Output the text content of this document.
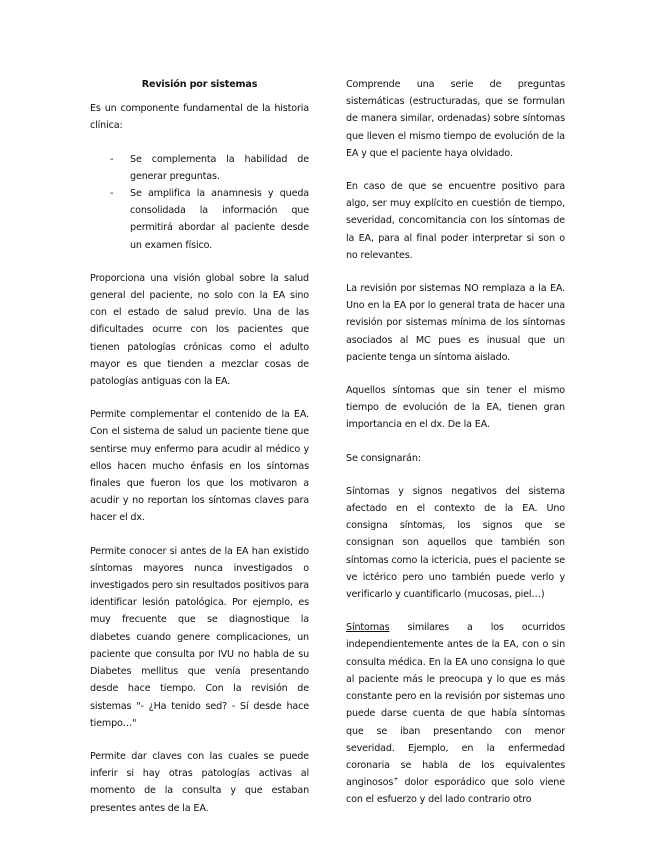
Revisión por sistemas

Es un componente fundamental de la historia clínica:

- Se complementa la habilidad de generar preguntas.
- Se amplifica la anamnesis y queda consolidada la información que permitirá abordar al paciente desde un examen físico.

Proporciona una visión global sobre la salud general del paciente, no solo con la EA sino con el estado de salud previo. Una de las dificultades ocurre con los pacientes que tienen patologías crónicas como el adulto mayor es que tienden a mezclar cosas de patologías antiguas con la EA.

Permite complementar el contenido de la EA. Con el sistema de salud un paciente tiene que sentirse muy enfermo para acudir al médico y ellos hacen mucho énfasis en los síntomas finales que fueron los que los motivaron a acudir y no reportan los síntomas claves para hacer el dx.

Permite conocer si antes de la EA han existido síntomas mayores nunca investigados o investigados pero sin resultados positivos para identificar lesión patológica. Por ejemplo, es muy frecuente que se diagnostique la diabetes cuando genere complicaciones, un paciente que consulta por IVU no habla de su Diabetes mellitus que venía presentando desde hace tiempo. Con la revisión de sistemas "- ¿Ha tenido sed? - Sí desde hace tiempo…"

Permite dar claves con las cuales se puede inferir si hay otras patologías activas al momento de la consulta y que estaban presentes antes de la EA.

Comprende una serie de preguntas sistemáticas (estructuradas, que se formulan de manera similar, ordenadas) sobre síntomas que lleven el mismo tiempo de evolución de la EA y que el paciente haya olvidado.

En caso de que se encuentre positivo para algo, ser muy explícito en cuestión de tiempo, severidad, concomitancia con los síntomas de la EA, para al final poder interpretar si son o no relevantes.

La revisión por sistemas NO remplaza a la EA. Uno en la EA por lo general trata de hacer una revisión por sistemas mínima de los síntomas asociados al MC pues es inusual que un paciente tenga un síntoma aislado.

Aquellos síntomas que sin tener el mismo tiempo de evolución de la EA, tienen gran importancia en el dx. De la EA.

Se consignarán:

Síntomas y signos negativos del sistema afectado en el contexto de la EA. Uno consigna síntomas, los signos que se consignan son aquellos que también son síntomas como la ictericia, pues el paciente se ve ictérico pero uno también puede verlo y verificarlo y cuantificarlo (mucosas, piel…)

Síntomas similares a los ocurridos independientemente antes de la EA, con o sin consulta médica. En la EA uno consigna lo que al paciente más le preocupa y lo que es más constante pero en la revisión por sistemas uno puede darse cuenta de que había síntomas que se iban presentando con menor severidad. Ejemplo, en la enfermedad coronaria se habla de los equivalentes anginosos+ dolor esporádico que solo viene con el esfuerzo y del lado contrario otro
